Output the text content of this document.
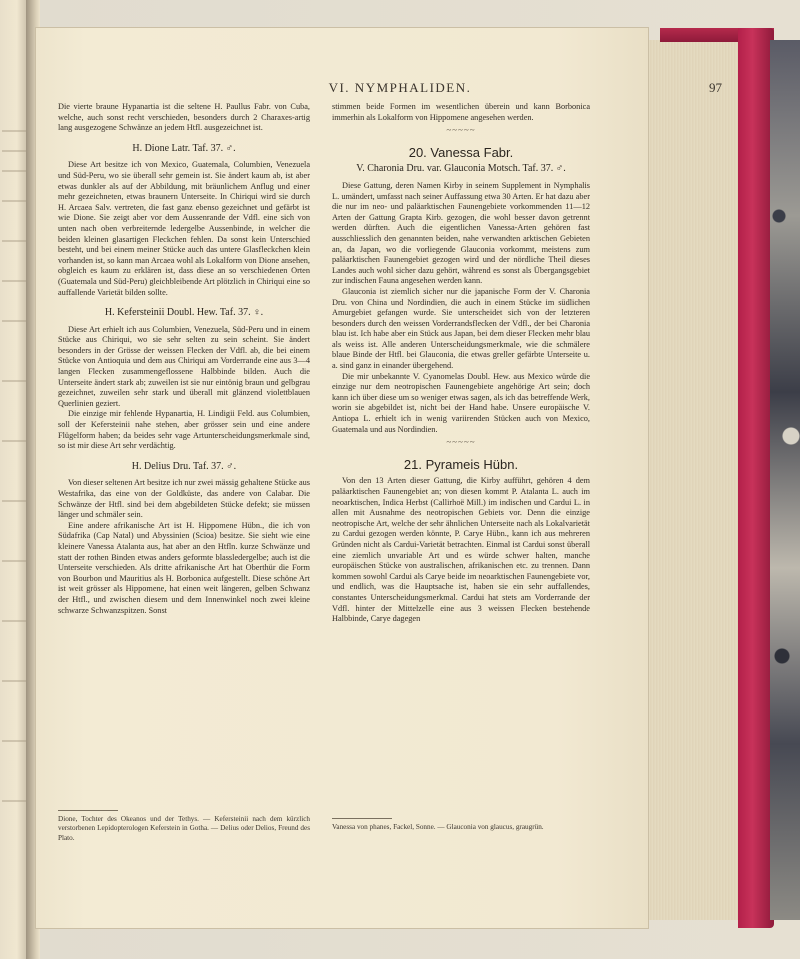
VI. NYMPHALIDEN.	97

Die vierte braune Hypanartia ist die seltene H. Paullus Fabr. von Cuba, welche, auch sonst recht verschieden, besonders durch 2 Charaxes-artig lang ausgezogene Schwänze an jedem Htfl. ausgezeichnet ist.

H. Dione Latr. Taf. 37. ♂.

Diese Art besitze ich von Mexico, Guatemala, Columbien, Venezuela und Süd-Peru, wo sie überall sehr gemein ist. Sie ändert kaum ab, ist aber etwas dunkler als auf der Abbildung, mit bräunlichem Anflug und einer mehr gezeichneten, etwas braunern Unterseite. In Chiriqui wird sie durch H. Arcaea Salv. vertreten, die fast ganz ebenso gezeichnet und gefärbt ist wie Dione. Sie zeigt aber vor dem Aussenrande der Vdfl. eine sich von unten nach oben verbreiternde ledergelbe Aussenbinde, in welcher die beiden kleinen glasartigen Fleckchen fehlen. Da sonst kein Unterschied besteht, und bei einem meiner Stücke auch das untere Glasfleckchen klein vorhanden ist, so kann man Arcaea wohl als Lokalform von Dione ansehen, obgleich es kaum zu erklären ist, dass diese an so verschiedenen Orten (Guatemala und Süd-Peru) gleichbleibende Art plötzlich in Chiriqui eine so auffallende Varietät bilden sollte.

H. Kefersteinii Doubl. Hew. Taf. 37. ♀.

Diese Art erhielt ich aus Columbien, Venezuela, Süd-Peru und in einem Stücke aus Chiriqui, wo sie sehr selten zu sein scheint. Sie ändert besonders in der Grösse der weissen Flecken der Vdfl. ab, die bei einem Stücke von Antioquia und dem aus Chiriqui am Vorderrande eine aus 3—4 langen Flecken zusammengeflossene Halbbinde bilden. Auch die Unterseite ändert stark ab; zuweilen ist sie nur eintönig braun und gelbgrau gezeichnet, zuweilen sehr stark und überall mit glänzend violettblauen Querlinien geziert.

Die einzige mir fehlende Hypanartia, H. Lindigii Feld. aus Columbien, soll der Kefersteinii nahe stehen, aber grösser sein und eine andere Flügelform haben; da beides sehr vage Artunterscheidungsmerkmale sind, so ist mir diese Art sehr verdächtig.

H. Delius Dru. Taf. 37. ♂.

Von dieser seltenen Art besitze ich nur zwei mässig gehaltene Stücke aus Westafrika, das eine von der Goldküste, das andere von Calabar. Die Schwänze der Htfl. sind bei dem abgebildeten Stücke defekt; sie müssen länger und schmäler sein.

Eine andere afrikanische Art ist H. Hippomene Hübn., die ich von Südafrika (Cap Natal) und Abyssinien (Scioa) besitze. Sie sieht wie eine kleinere Vanessa Atalanta aus, hat aber an den Htfln. kurze Schwänze und statt der rothen Binden etwas anders geformte blassledergelbe; auch ist die Unterseite verschieden. Als dritte afrikanische Art hat Oberthür die Form von Bourbon und Mauritius als H. Borbonica aufgestellt. Diese schöne Art ist weit grösser als Hippomene, hat einen weit längeren, gelben Schwanz der Htfl., und zwischen diesem und dem Innenwinkel noch zwei kleine schwarze Schwanzspitzen. Sonst

stimmen beide Formen im wesentlichen überein und kann Borbonica immerhin als Lokalform von Hippomene angesehen werden.

~~~~~
20. Vanessa Fabr.
V. Charonia Dru. var. Glauconia Motsch. Taf. 37. ♂.

Diese Gattung, deren Namen Kirby in seinem Supplement in Nymphalis L. umändert, umfasst nach seiner Auffassung etwa 30 Arten. Er hat dazu aber die nur im neo- und paläarktischen Faunengebiete vorkommenden 11—12 Arten der Gattung Grapta Kirb. gezogen, die wohl besser davon getrennt werden dürften. Auch die eigentlichen Vanessa-Arten gehören fast ausschliesslich den genannten beiden, nahe verwandten arktischen Gebieten an, da Japan, wo die vorliegende Glauconia vorkommt, meistens zum paläarktischen Faunengebiet gezogen wird und der nördliche Theil dieses Landes auch wohl sicher dazu gehört, während es sonst als Übergangsgebiet zur indischen Fauna angesehen werden kann.

Glauconia ist ziemlich sicher nur die japanische Form der V. Charonia Dru. von China und Nordindien, die auch in einem Stücke im südlichen Amurgebiet gefangen wurde. Sie unterscheidet sich von der letzteren besonders durch den weissen Vorderrandsflecken der Vdfl., der bei Charonia blau ist. Ich habe aber ein Stück aus Japan, bei dem dieser Flecken mehr blau als weiss ist. Alle anderen Unterscheidungsmerkmale, wie die schmälere blaue Binde der Htfl. bei Glauconia, die etwas greller gefärbte Unterseite u. a. sind ganz in einander übergehend.

Die mir unbekannte V. Cyanomelas Doubl. Hew. aus Mexico würde die einzige nur dem neotropischen Faunengebiete angehörige Art sein; doch kann ich über diese um so weniger etwas sagen, als ich das betreffende Werk, worin sie abgebildet ist, nicht bei der Hand habe. Unsere europäische V. Antiopa L. erhielt ich in wenig variirenden Stücken auch von Mexico, Guatemala und aus Nordindien.

~~~~~
21. Pyrameis Hübn.

Von den 13 Arten dieser Gattung, die Kirby aufführt, gehören 4 dem paläarktischen Faunengebiet an; von diesen kommt P. Atalanta L. auch im neoarktischen, Indica Herbst (Callirhoë Mill.) im indischen und Cardui L. in allen mit Ausnahme des neotropischen Gebiets vor. Denn die einzige neotropische Art, welche der sehr ähnlichen Unterseite nach als Lokalvarietät zu Cardui gezogen werden könnte, P. Carye Hübn., kann ich aus mehreren Gründen nicht als Cardui-Varietät betrachten. Einmal ist Cardui sonst überall eine ziemlich unvariable Art und es würde schwer halten, manche europäischen Stücke von australischen, afrikanischen etc. zu trennen. Dann kommen sowohl Cardui als Carye beide im neoarktischen Faunengebiete vor, und endlich, was die Hauptsache ist, haben sie ein sehr auffallendes, constantes Unterscheidungsmerkmal. Cardui hat stets am Vorderrande der Vdfl. hinter der Mittelzelle eine aus 3 weissen Flecken bestehende Halbbinde, Carye dagegen

Dione, Tochter des Okeanos und der Tethys. — Kefersteinii nach dem kürzlich verstorbenen Lepidopterologen Keferstein in Gotha. — Delius oder Delios, Freund des Plato.
Vanessa von phanes, Fackel, Sonne. — Glauconia von glaucus, graugrün.
